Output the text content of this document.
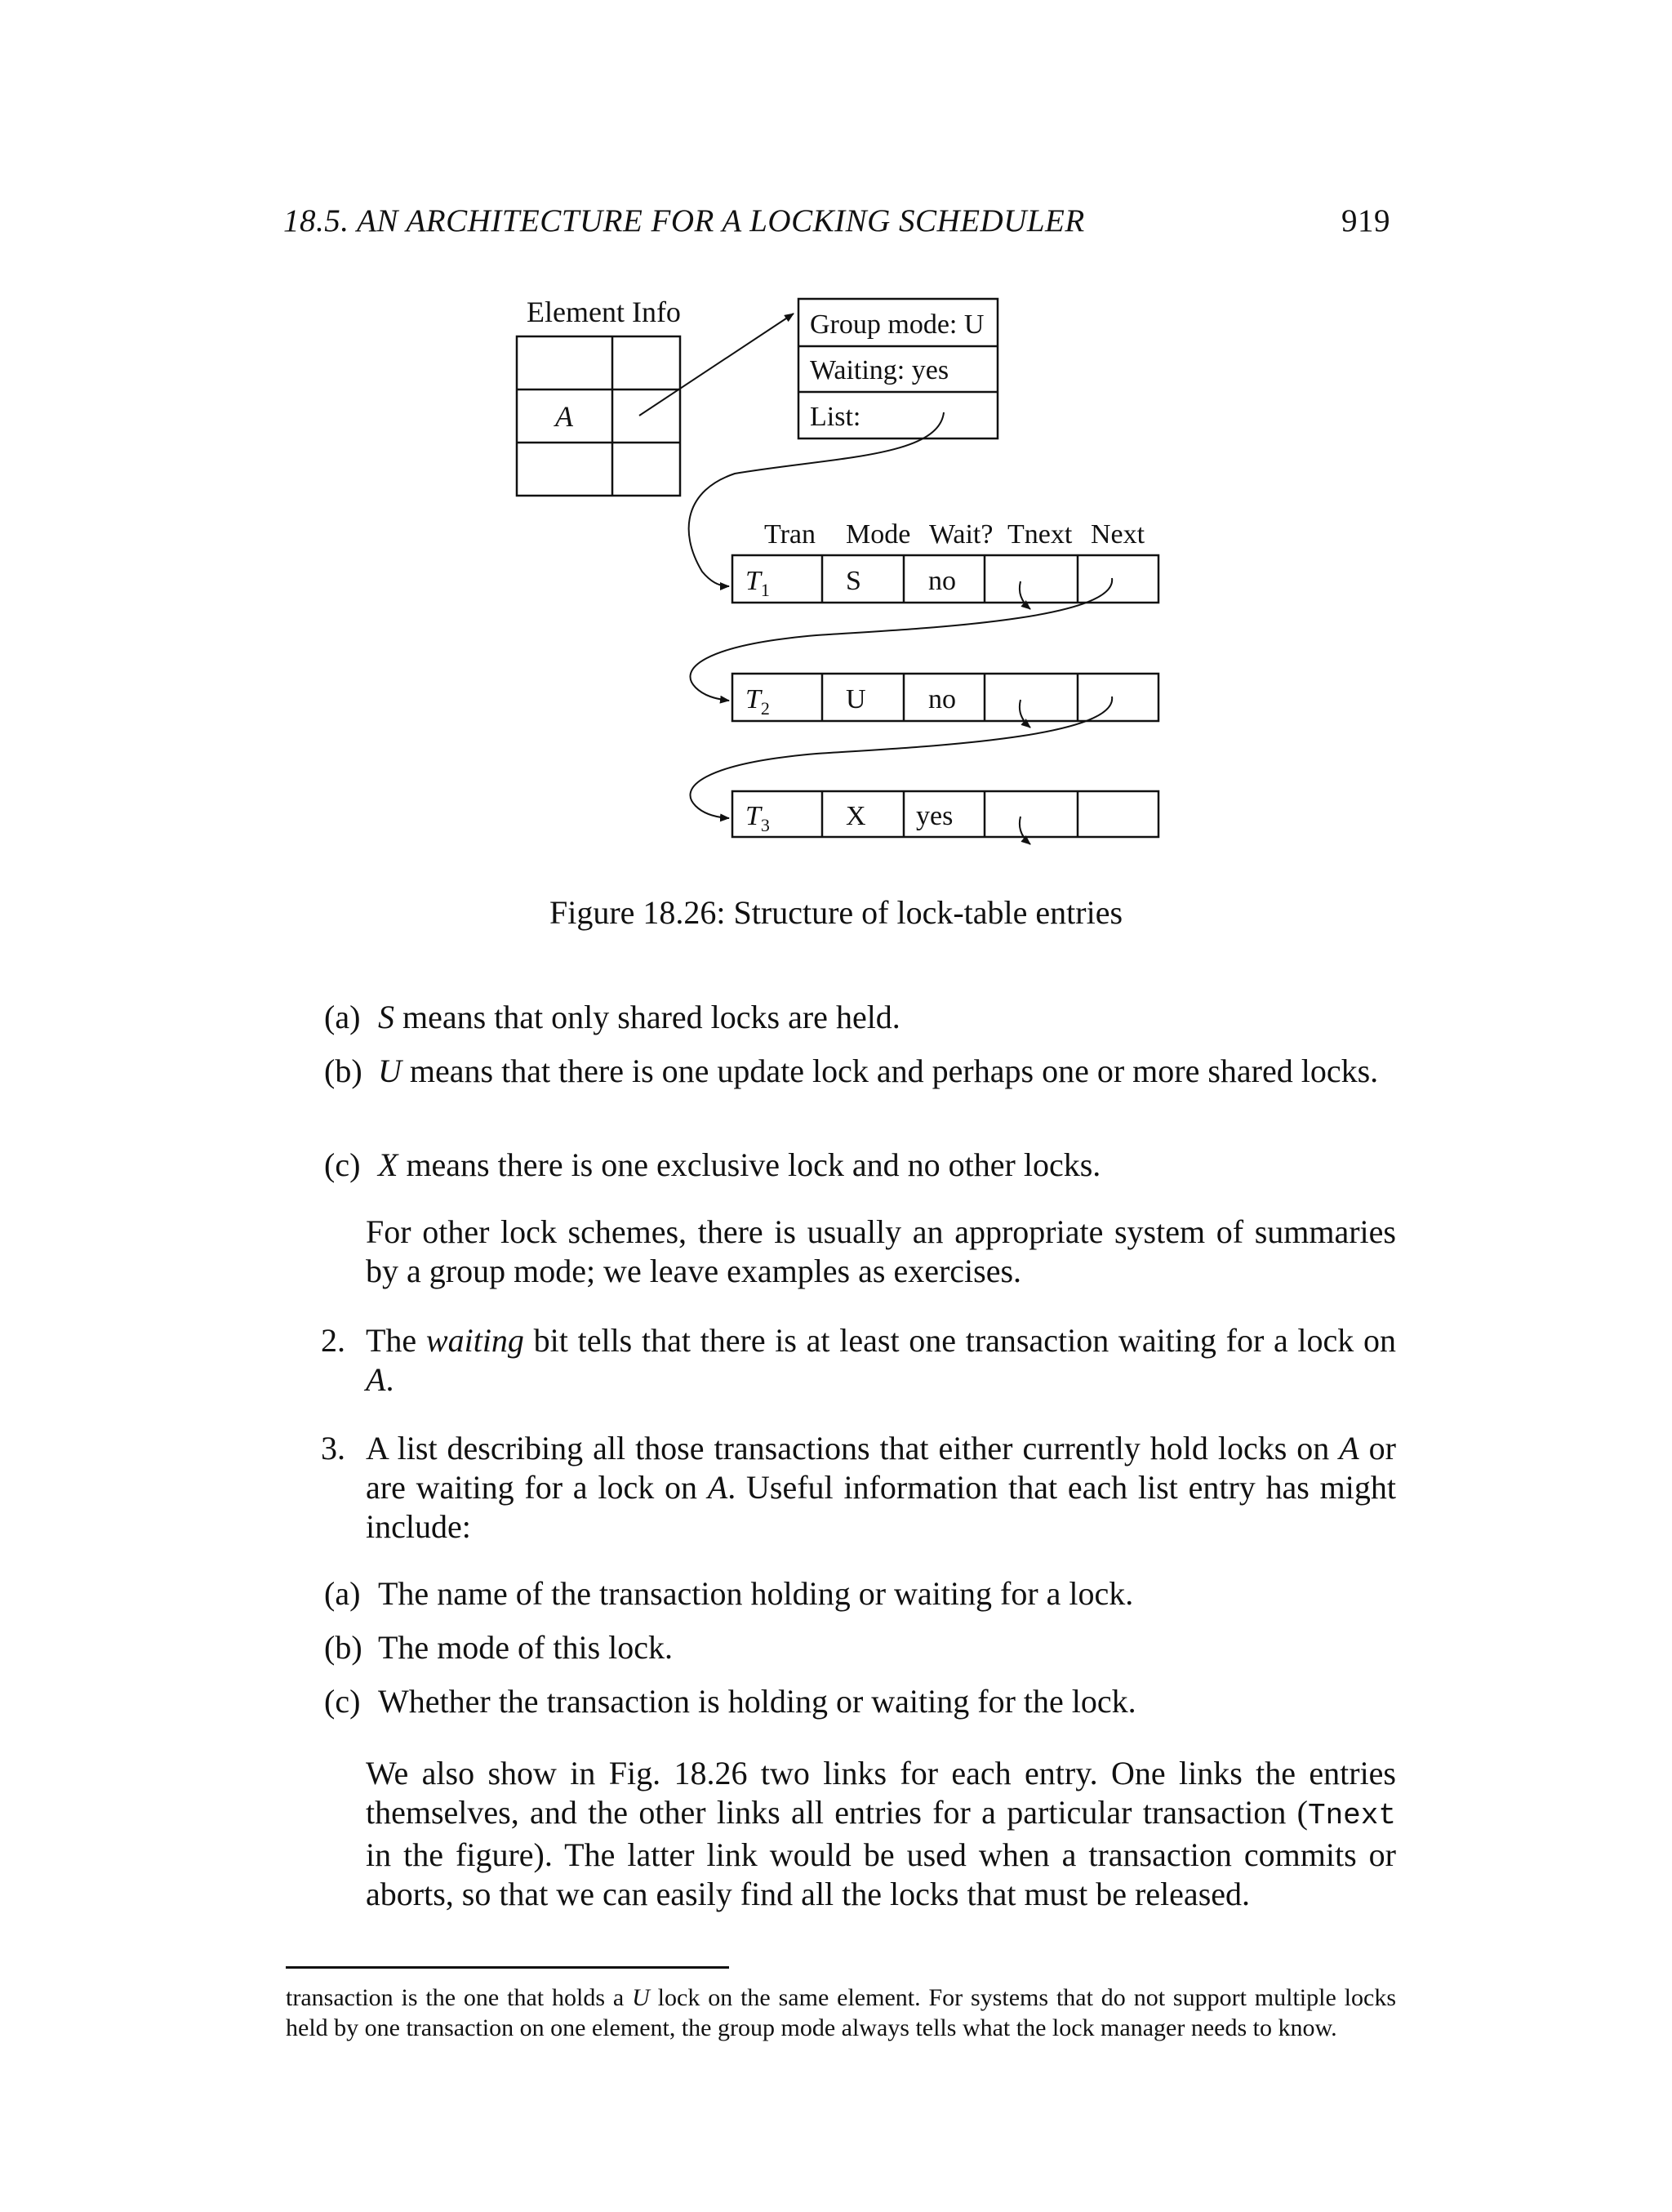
18.5. AN ARCHITECTURE FOR A LOCKING SCHEDULER	919
Element Info
A
Group mode: U
Waiting: yes
List:
Tran Mode Wait? Tnext Next
$T_1$	S no
$T_2$	U no
$T_3$	X yes
Figure 18.26: Structure of lock-table entries
(a) S means that only shared locks are held.
(b) U means that there is one update lock and perhaps one or more shared locks.
(c) X means there is one exclusive lock and no other locks.
For other lock schemes, there is usually an appropriate system of summaries by a group mode; we leave examples as exercises.
2. The waiting bit tells that there is at least one transaction waiting for a lock on A.
3. A list describing all those transactions that either currently hold locks on A or are waiting for a lock on A. Useful information that each list entry has might include:
(a) The name of the transaction holding or waiting for a lock.
(b) The mode of this lock.
(c) Whether the transaction is holding or waiting for the lock.
We also show in Fig. 18.26 two links for each entry. One links the entries themselves, and the other links all entries for a particular transaction (Tnext in the figure). The latter link would be used when a transaction commits or aborts, so that we can easily find all the locks that must be released.
transaction is the one that holds a U lock on the same element. For systems that do not support multiple locks held by one transaction on one element, the group mode always tells what the lock manager needs to know.
